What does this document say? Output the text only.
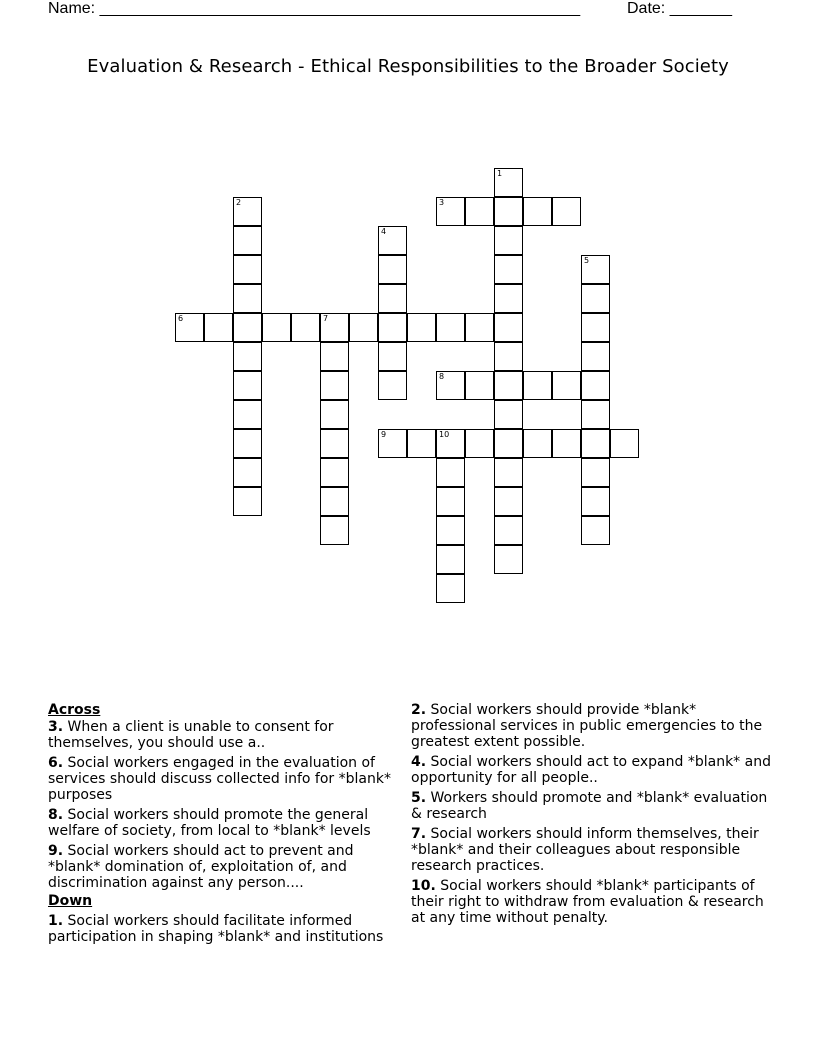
Name: ______________________________________________________	Date: _______
Evaluation & Research - Ethical Responsibilities to the Broader Society
1
2	3
4
5
6	7
8
9	10
Across
3. When a client is unable to consent for themselves, you should use a..
6. Social workers engaged in the evaluation of services should discuss collected info for *blank* purposes
8. Social workers should promote the general welfare of society, from local to *blank* levels
9. Social workers should act to prevent and *blank* domination of, exploitation of, and discrimination against any person....
Down
1. Social workers should facilitate informed participation in shaping *blank* and institutions
2. Social workers should provide *blank* professional services in public emergencies to the greatest extent possible.
4. Social workers should act to expand *blank* and opportunity for all people..
5. Workers should promote and *blank* evaluation & research
7. Social workers should inform themselves, their *blank* and their colleagues about responsible research practices.
10. Social workers should *blank* participants of their right to withdraw from evaluation & research at any time without penalty.
